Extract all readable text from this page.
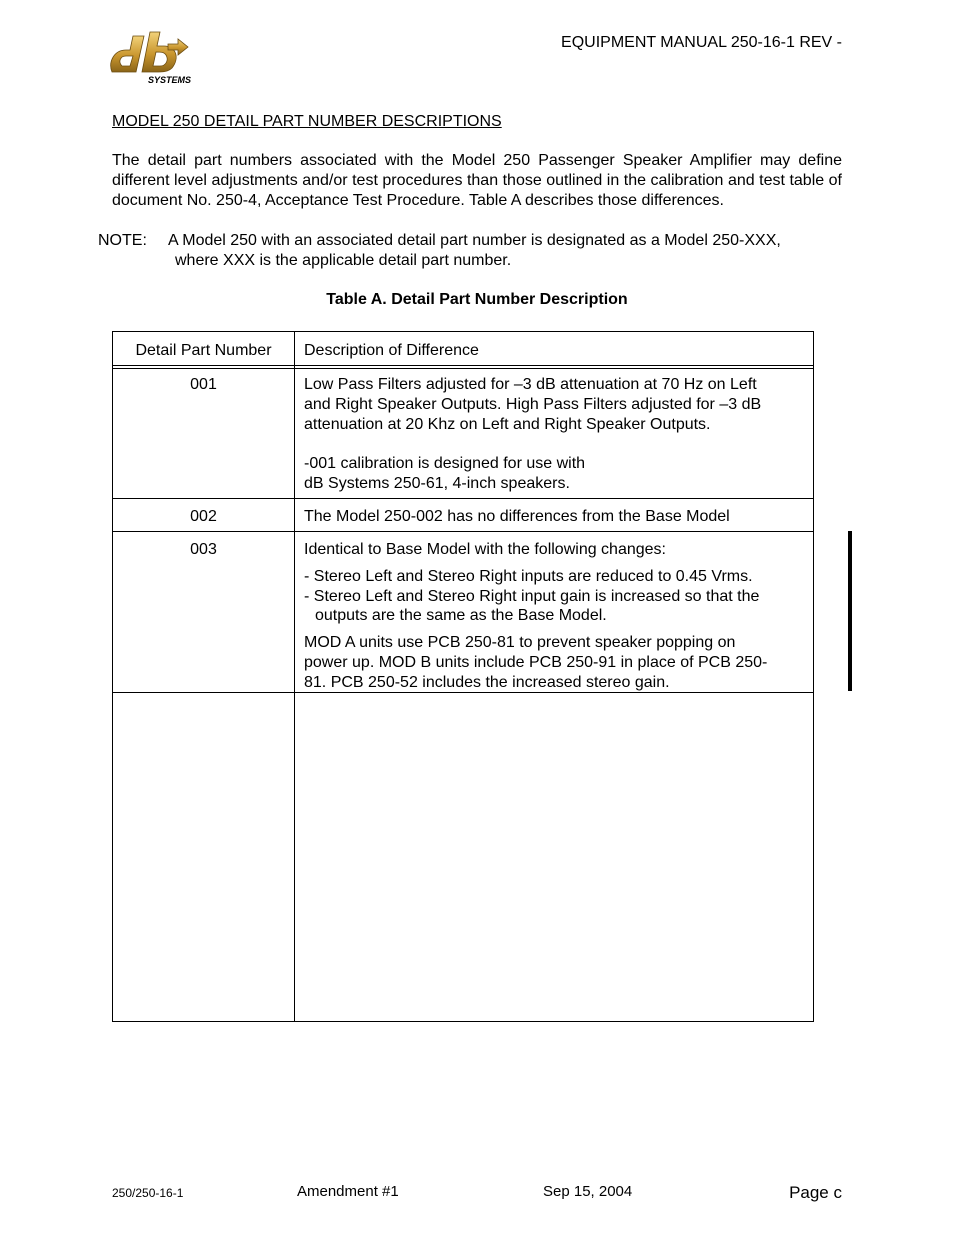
SYSTEMS
EQUIPMENT MANUAL 250-16-1 REV -
MODEL 250 DETAIL PART NUMBER DESCRIPTIONS
The detail part numbers associated with the Model 250 Passenger Speaker Amplifier may define different level adjustments and/or test procedures than those outlined in the calibration and test table of document No. 250-4, Acceptance Test Procedure. Table A describes those differences.
NOTE: A Model 250 with an associated detail part number is designated as a Model 250-XXX,
where XXX is the applicable detail part number.
Table A. Detail Part Number Description
Detail Part Number	Description of Difference
001	Low Pass Filters adjusted for –3 dB attenuation at 70 Hz on Left
and Right Speaker Outputs. High Pass Filters adjusted for –3 dB
attenuation at 20 Khz on Left and Right Speaker Outputs.
-001 calibration is designed for use with
dB Systems 250-61, 4-inch speakers.
002	The Model 250-002 has no differences from the Base Model
003	Identical to Base Model with the following changes:
- Stereo Left and Stereo Right inputs are reduced to 0.45 Vrms.
- Stereo Left and Stereo Right input gain is increased so that the
outputs are the same as the Base Model.
MOD A units use PCB 250-81 to prevent speaker popping on
power up. MOD B units include PCB 250-91 in place of PCB 250-
81. PCB 250-52 includes the increased stereo gain.
250/250-16-1	Amendment #1	Sep 15, 2004	Page c
